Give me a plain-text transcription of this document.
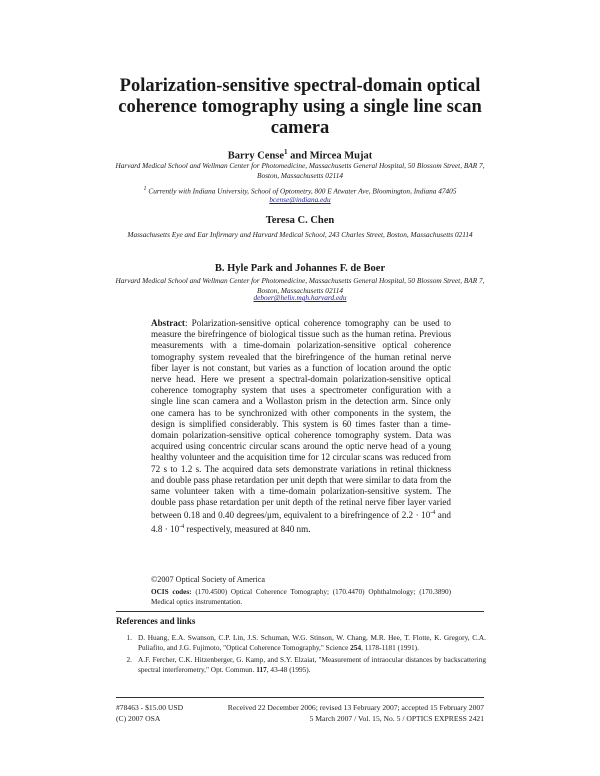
Polarization-sensitive spectral-domain optical coherence tomography using a single line scan camera

Barry Cense$^1$ and Mircea Mujat

Harvard Medical School and Wellman Center for Photomedicine, Massachusetts General Hospital, 50 Blossom Street, BAR 7, Boston, Massachusetts 02114

$^1$ Currently with Indiana University, School of Optometry, 800 E Atwater Ave, Bloomington, Indiana 47405

bcense@indiana.edu

Teresa C. Chen

Massachusetts Eye and Ear Infirmary and Harvard Medical School, 243 Charles Street, Boston, Massachusetts 02114

B. Hyle Park and Johannes F. de Boer

Harvard Medical School and Wellman Center for Photomedicine, Massachusetts General Hospital, 50 Blossom Street, BAR 7, Boston, Massachusetts 02114

deboer@helix.mgh.harvard.edu

Abstract: Polarization-sensitive optical coherence tomography can be used to measure the birefringence of biological tissue such as the human retina. Previous measurements with a time-domain polarization-sensitive optical coherence tomography system revealed that the birefringence of the human retinal nerve fiber layer is not constant, but varies as a function of location around the optic nerve head. Here we present a spectral-domain polarization-sensitive optical coherence tomography system that uses a spectrometer configuration with a single line scan camera and a Wollaston prism in the detection arm. Since only one camera has to be synchronized with other components in the system, the design is simplified considerably. This system is 60 times faster than a time-domain polarization-sensitive optical coherence tomography system. Data was acquired using concentric circular scans around the optic nerve head of a young healthy volunteer and the acquisition time for 12 circular scans was reduced from 72 s to 1.2 s. The acquired data sets demonstrate variations in retinal thickness and double pass phase retardation per unit depth that were similar to data from the same volunteer taken with a time-domain polarization-sensitive system. The double pass phase retardation per unit depth of the retinal nerve fiber layer varied between 0.18 and 0.40 degrees/μm, equivalent to a birefringence of $2.2 \cdot 10^{-4}$ and $4.8 \cdot 10^{-4}$ respectively, measured at 840 nm.

©2007 Optical Society of America

OCIS codes: (170.4500) Optical Coherence Tomography; (170.4470) Ophthalmology; (170.3890) Medical optics instrumentation.

References and links

1. D. Huang, E.A. Swanson, C.P. Lin, J.S. Schuman, W.G. Stinson, W. Chang, M.R. Hee, T. Flotte, K. Gregory, C.A. Puliafito, and J.G. Fujimoto, "Optical Coherence Tomography," Science 254, 1178-1181 (1991).
2. A.F. Fercher, C.K. Hitzenberger, G. Kamp, and S.Y. Elzaiat, "Measurement of intraocular distances by backscattering spectral interferometry," Opt. Commun. 117, 43-48 (1995).

#78463 - $15.00 USD
(C) 2007 OSA

Received 22 December 2006; revised 13 February 2007; accepted 15 February 2007
5 March 2007 / Vol. 15, No. 5 / OPTICS EXPRESS 2421
